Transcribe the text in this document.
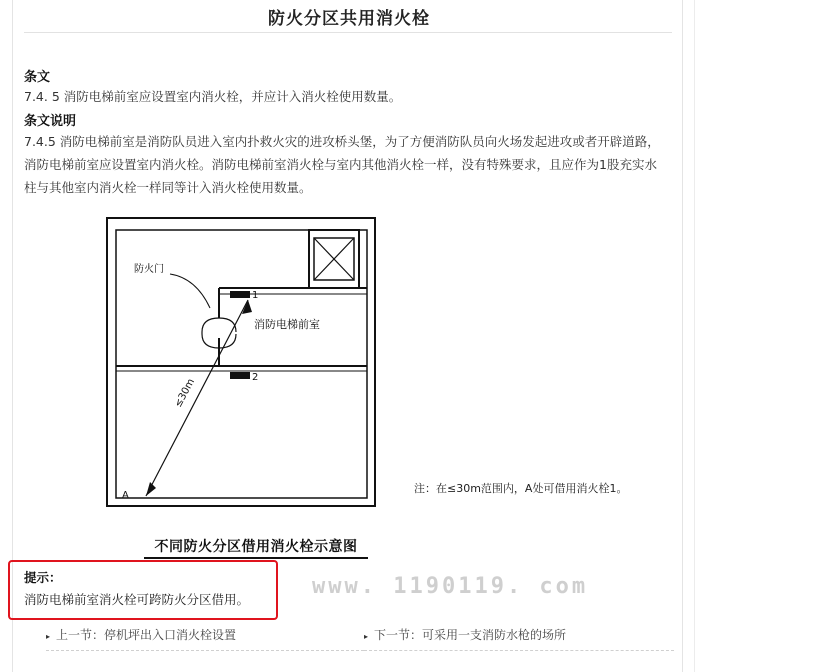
防火分区共用消火栓
条文
7.4. 5 消防电梯前室应设置室内消火栓，并应计入消火栓使用数量。
条文说明
7.4.5 消防电梯前室是消防队员进入室内扑救火灾的进攻桥头堡，为了方便消防队员向火场发起进攻或者开辟道路，
消防电梯前室应设置室内消火栓。消防电梯前室消火栓与室内其他消火栓一样，没有特殊要求，且应作为1股充实水
柱与其他室内消火栓一样同等计入消火栓使用数量。
防火门
消防电梯前室
1
2
≤30m
A
注：在≤30m范围内，A处可借用消火栓1。
不同防火分区借用消火栓示意图
提示：
消防电梯前室消火栓可跨防火分区借用。
www. 1190119. com
▸ 上一节：停机坪出入口消火栓设置	▸ 下一节：可采用一支消防水枪的场所
